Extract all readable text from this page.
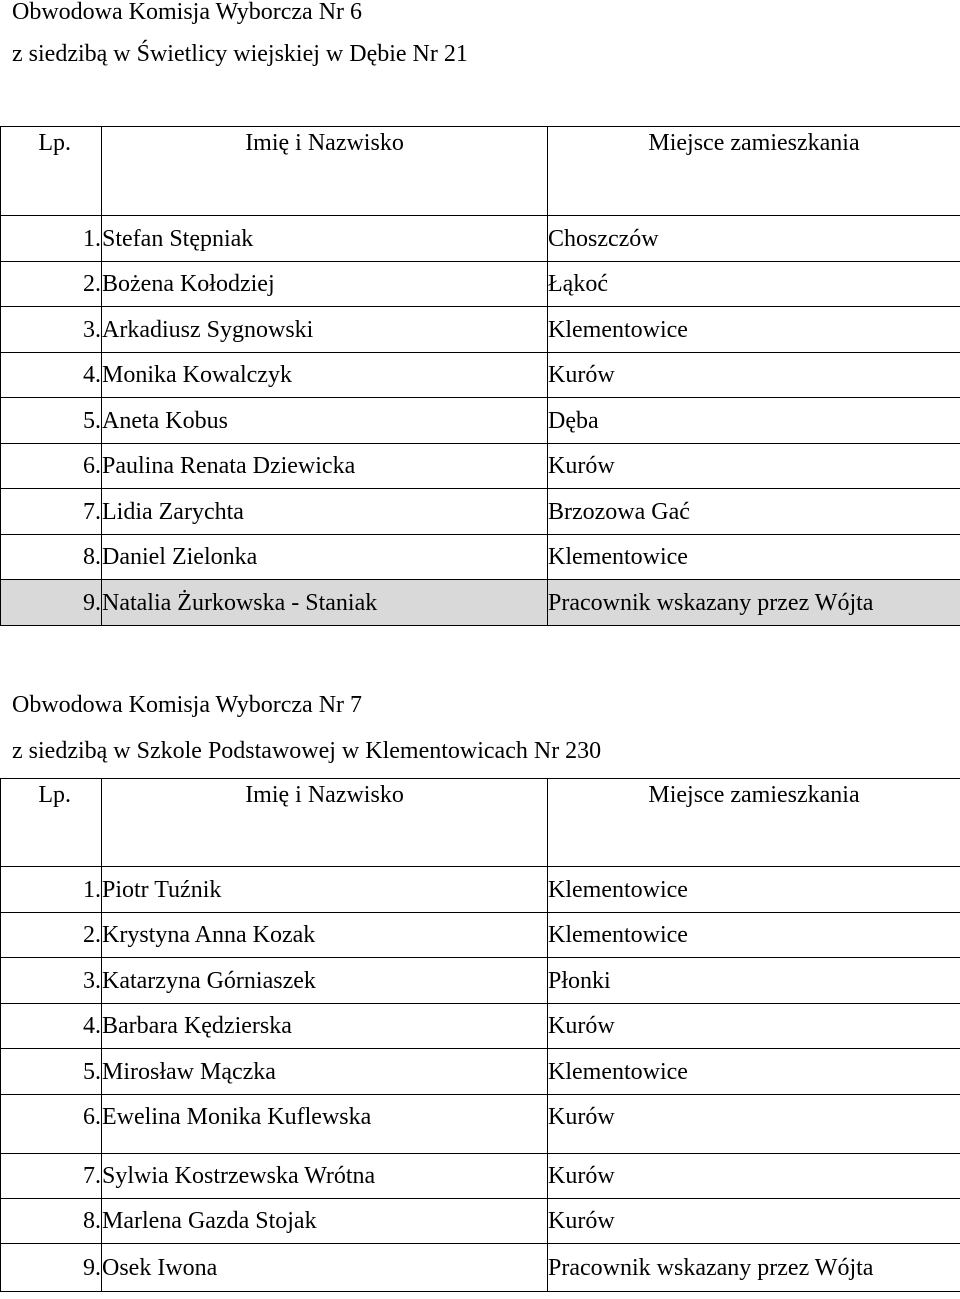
Obwodowa Komisja Wyborcza Nr 6
z siedzibą w Świetlicy wiejskiej w Dębie Nr 21
Lp.	Imię i Nazwisko	Miejsce zamieszkania
1.	Stefan Stępniak	Choszczów
2.	Bożena Kołodziej	Łąkoć
3.	Arkadiusz Sygnowski	Klementowice
4.	Monika Kowalczyk	Kurów
5.	Aneta Kobus	Dęba
6.	Paulina Renata Dziewicka	Kurów
7.	Lidia Zarychta	Brzozowa Gać
8.	Daniel Zielonka	Klementowice
9.	Natalia Żurkowska - Staniak	Pracownik wskazany przez Wójta
Obwodowa Komisja Wyborcza Nr 7
z siedzibą w Szkole Podstawowej w Klementowicach Nr 230
Lp.	Imię i Nazwisko	Miejsce zamieszkania
1.	Piotr Tuźnik	Klementowice
2.	Krystyna Anna Kozak	Klementowice
3.	Katarzyna Górniaszek	Płonki
4.	Barbara Kędzierska	Kurów
5.	Mirosław Mączka	Klementowice
6.	Ewelina Monika Kuflewska	Kurów
7.	Sylwia Kostrzewska Wrótna	Kurów
8.	Marlena Gazda Stojak	Kurów
9.	Osek Iwona	Pracownik wskazany przez Wójta
